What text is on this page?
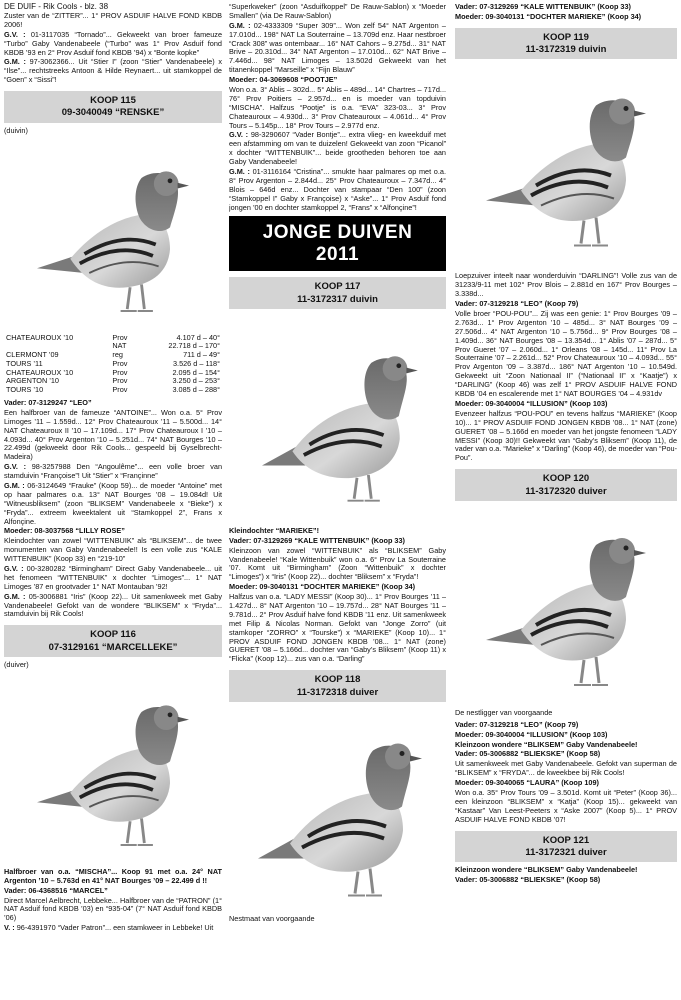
DE DUIF - Rik Cools - blz. 38

Zuster van de “ZITTER”... 1° PROV ASDUIF HALVE FOND KBDB 2006!

G.V. : 01-3117035 “Tornado”... Gekweekt van broer fameuze “Turbo” Gaby Vandenabeele (“Turbo” was 1° Prov Asduif fond KBDB ’93 en 2° Prov Asduif fond KBDB ’94) x “Bonte kopke”

G.M. : 97-3062366... Uit “Stier I” (zoon “Stier” Vandenabeele) x “Ilse”... rechtstreeks Antoon & Hilde Reynaert... uit stamkoppel de “Goen” x “Sissi”!

KOOP 115
09-3040049 “RENSKE”

(duivin)

CHATEAUROUX ’10	Prov	4.107 d – 40°
	NAT	22.718 d – 170°
CLERMONT ’09	reg	711 d – 49°
TOURS ’11	Prov	3.526 d – 118°
CHATEAUROUX ’10	Prov	2.095 d – 154°
ARGENTON ’10	Prov	3.250 d – 253°
TOURS ’10	Prov	3.085 d – 288°

Vader: 07-3129247 “LEO”

Een halfbroer van de fameuze “ANTOINE”... Won o.a. 5° Prov Limoges ’11 – 1.559d... 12° Prov Chateauroux ’11 – 5.500d... 14° NAT Chateauroux II ’10 – 17.109d... 17° Prov Chateauroux I ’10 – 4.093d... 40° Prov Argenton ’10 – 5.251d... 74° NAT Bourges ’10 – 22.499d (gekweekt door Rik Cools... gespeeld bij Gyselbrecht-Madeira)

G.V. : 98-3257988 Den “Angoulême”... een volle broer van stamduivin “Françoise”! Uit “Stier” x “Françinne”

G.M. : 06-3124649 “Frauke” (Koop 59)... de moeder “Antoine” met op haar palmares o.a. 13° NAT Bourges ’08 – 19.084d! Uit “Witneusbliksem” (zoon “BLIKSEM” Vandenabeele x “Bieke”) x “Fryda”... extreem kweektalent uit “Stamkoppel 2”, Frans x Alfonçine.

Moeder: 08-3037568 “LILLY ROSE”

Kleindochter van zowel “WITTENBUIK” als “BLIKSEM”... de twee monumenten van Gaby Vandenabeele!! Is een volle zus “KALE WITTENBUIK” (Koop 33) en “219-10”

G.V. : 00-3280282 “Birmingham” Direct Gaby Vandenabeele... uit het fenomeen “WITTENBUIK” x dochter “Limoges”... 1° NAT Limoges ’87 en grootvader 1° NAT Montauban ’92!

G.M. : 05-3006881 “Iris” (Koop 22)... Uit samenkweek met Gaby Vandenabeele! Gefokt van de wondere “BLIKSEM” x “Fryda”... stamduivin bij Rik Cools!

KOOP 116
07-3129161 “MARCELLEKE”

(duiver)

Halfbroer van o.a. “MISCHA”... Koop 91 met o.a. 24° NAT Argenton ’10 – 5.763d en 41° NAT Bourges ’09 – 22.499 d !!

Vader: 06-4368516 “MARCEL”

Direct Marcel Aelbrecht, Lebbeke... Halfbroer van de “PATRON” (1° NAT Asduif fond KBDB ’03) en “935-04” (7° NAT Asduif fond KBDB ’06)

V. : 96-4391970 “Vader Patron”... een stamkweer in Lebbeke! Uit

“Superkweker” (zoon “Asduifkoppel” De Rauw-Sablon) x “Moeder Smallen” (via De Rauw-Sablon)

G.M. : 02-4333309 “Super 309”... Won zelf 54° NAT Argenton – 17.010d... 198° NAT La Souterraine – 13.709d enz. Haar nestbroer “Crack 308” was ontembaar... 16° NAT Cahors – 9.275d... 31° NAT Brive – 20.310d... 34° NAT Argenton – 17.010d... 62° NAT Brive – 7.446d... 98° NAT Limoges – 13.502d Gekweekt van het titanenkoppel “Marseille” x “Fijn Blauw”

Moeder: 04-3069608 “POOTJE”

Won o.a. 3° Ablis – 302d... 5° Ablis – 489d... 14° Chartres – 717d... 76° Prov Poitiers – 2.957d... en is moeder van topduivin “MISCHA”. Halfzus “Pootje” is o.a. “EVA” 323-03... 3° Prov Chateauroux – 4.930d... 3° Prov Chateauroux – 4.061d... 4° Prov Tours – 5.145p... 18° Prov Tours – 2.977d enz.

G.V. : 98-3290607 “Vader Bontje”... extra vlieg- en kweekduif met een afstamming om van te duizelen! Gekweekt van zoon “Picanol” x dochter “WITTENBUIK”... beide grootheden behoren toe aan Gaby Vandenabeele!

G.M. : 01-3116164 “Cristina”... smukte haar palmares op met o.a. 8° Prov Argenton – 2.844d... 25° Prov Chateauroux – 7.347d... 4° Blois – 646d enz... Dochter van stampaar “Den 100” (zoon “Stamkoppel I” Gaby x Françoise) x “Aske”... 1° Prov Asduif fond jongen ’00 en dochter stamkoppel 2, “Frans” x “Alfonçine”!

JONGE DUIVEN
2011
KOOP 117
11-3172317 duivin

Kleindochter “MARIEKE”!

Vader: 07-3129269 “KALE WITTENBUIK” (Koop 33)

Kleinzoon van zowel “WITTENBUIK” als “BLIKSEM” Gaby Vandenabeele! “Kale Wittenbuik” won o.a. 6° Prov La Souterraine ’07. Komt uit “Birmingham” (Zoon “Wittenbuik” x dochter “Limoges”) x “Iris” (Koop 22)... dochter “Bliksem” x “Fryda”!

Moeder: 09-3040131 “DOCHTER MARIEKE” (Koop 34)

Halfzus van o.a. “LADY MESSI” (Koop 30)... 1° Prov Bourges ’11 – 1.427d... 8° NAT Argenton ’10 – 19.757d... 28° NAT Bourges ’11 – 9.781d... 2° Prov Asduif halve fond KBDB ’11 enz. Uit samenkweek met Filip & Nicolas Norman. Gefokt van “Jonge Zorro” (uit stamkoper “ZORRO” x “Tourske”) x “MARIEKE” (Koop 10)... 1° PROV ASDUIF FOND JONGEN KBDB ’08... 1° NAT (zone) GUERET ’08 – 5.166d... dochter van “Gaby’s Bliksem” (Koop 11) x “Flicka” (Koop 12)... zus van o.a. “Darling”

KOOP 118
11-3172318 duiver

Nestmaat van voorgaande

Vader: 07-3129269 “KALE WITTENBUIK” (Koop 33)

Moeder: 09-3040131 “DOCHTER MARIEKE” (Koop 34)

KOOP 119
11-3172319 duivin

Loepzuiver inteelt naar wonderduivin “DARLING”! Volle zus van de 31233/9-11 met 102° Prov Blois – 2.881d en 167° Prov Bourges – 3.338d...

Vader: 07-3129218 “LEO” (Koop 79)

Volle broer “POU-POU”... Zij was een genie: 1° Prov Bourges ’09 – 2.763d... 1° Prov Argenton ’10 – 485d... 3° NAT Bourges ’09 – 27.506d... 4° NAT Argenton ’10 – 5.756d... 9° Prov Bourges ’08 – 1.409d... 36° NAT Bourges ’08 – 13.354d... 1° Ablis ’07 – 287d... 5° Prov Gueret ’07 – 2.060d... 1° Orleans ’08 – 145d... 11° Prov La Souterraine ’07 – 2.261d... 52° Prov Chateauroux ’10 – 4.093d... 55° Prov Argenton ’09 – 3.387d... 186° NAT Argenton ’10 – 10.549d. Gekweekt uit “Zoon Nationaal II” (“Nationaal II” x “Kaatje”) x “DARLING” (Koop 46) was zelf 1° PROV ASDUIF HALVE FOND KBDB ’04 en escalerende met 1° NAT BOURGES ’04 – 4.931dv

Moeder: 09-3040004 “ILLUSION” (Koop 103)

Evenzeer halfzus “POU-POU” en tevens halfzus “MARIEKE” (Koop 10)... 1° PROV ASDUIF FOND JONGEN KBDB ’08... 1° NAT (zone) GUERET ’08 – 5.166d en moeder van het jongste fenomeen “LADY MESSI” (Koop 30)!! Gekweekt van “Gaby’s Bliksem” (Koop 11), de vader van o.a. “Marieke” x “Darling” (Koop 46), de moeder van “Pou-Pou”.

KOOP 120
11-3172320 duiver

De nestligger van voorgaande

Vader: 07-3129218 “LEO” (Koop 79)

Moeder: 09-3040004 “ILLUSION” (Koop 103)

Kleinzoon wondere “BLIKSEM” Gaby Vandenabeele!

Vader: 05-3006882 “BLIEKSKE” (Koop 58)

Uit samenkweek met Gaby Vandenabeele. Gefokt van superman de “BLIKSEM” x “FRYDA”... de kweekbee bij Rik Cools!

Moeder: 09-3040065 “LAURA” (Koop 109)

Won o.a. 35° Prov Tours ’09 – 3.501d. Komt uit “Peter” (Koop 36)... een kleinzoon “BLIKSEM” x “Katja” (Koop 15)... gekweekt van “Kastaar” Van Leest-Peeters x “Aske 2007” (Koop 5)... 1° PROV ASDUIF HALVE FOND KBDB ’07!

KOOP 121
11-3172321 duiver

Kleinzoon wondere “BLIKSEM” Gaby Vandenabeele!

Vader: 05-3006882 “BLIEKSKE” (Koop 58)
